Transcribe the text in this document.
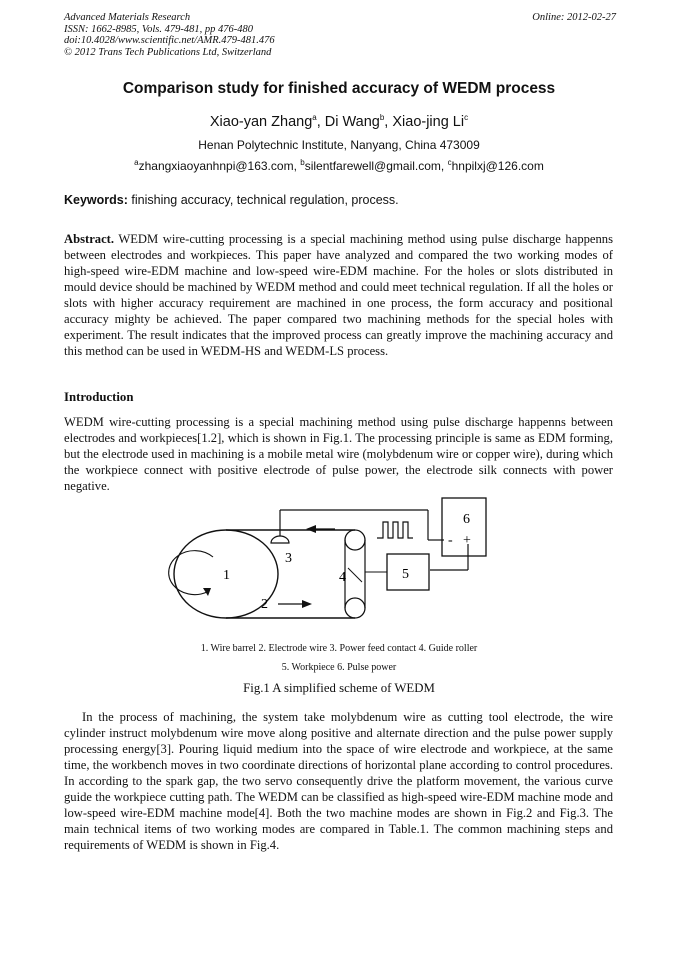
Advanced Materials Research
ISSN: 1662-8985, Vols. 479-481, pp 476-480
doi:10.4028/www.scientific.net/AMR.479-481.476
© 2012 Trans Tech Publications Ltd, Switzerland
Online: 2012-02-27
Comparison study for finished accuracy of WEDM process
Xiao-yan Zhang$^a$, Di Wang$^b$, Xiao-jing Li$^c$
Henan Polytechnic Institute, Nanyang, China 473009
$^a$zhangxiaoyanhnpi@163.com, $^b$silentfarewell@gmail.com, $^c$hnpilxj@126.com
Keywords: finishing accuracy, technical regulation, process.
Abstract. WEDM wire-cutting processing is a special machining method using pulse discharge happenns between electrodes and workpieces. This paper have analyzed and compared the two working modes of high-speed wire-EDM machine and low-speed wire-EDM machine. For the holes or slots distributed in mould device should be machined by WEDM method and could meet technical regulation. If all the holes or slots with higher accuracy requirement are machined in one process, the form accuracy and positional accuracy mighty be achieved. The paper compared two machining methods for the special holes with experiment. The result indicates that the improved process can greatly improve the machining accuracy and this method can be used in WEDM-HS and WEDM-LS process.
Introduction
WEDM wire-cutting processing is a special machining method using pulse discharge happenns between electrodes and workpieces[1.2], which is shown in Fig.1. The processing principle is same as EDM forming, but the electrode used in machining is a mobile metal wire (molybdenum wire or copper wire), during which the workpiece connect with positive electrode of pulse power, the electrode silk connects with power negative.
1
2
3
4	5
6
- +
1. Wire barrel 2. Electrode wire 3. Power feed contact 4. Guide roller
5. Workpiece 6. Pulse power
Fig.1 A simplified scheme of WEDM
In the process of machining, the system take molybdenum wire as cutting tool electrode, the wire cylinder instruct molybdenum wire move along positive and alternate direction and the pulse power supply processing energy[3]. Pouring liquid medium into the space of wire electrode and workpiece, at the same time, the workbench moves in two coordinate directions of horizontal plane according to control procedures. In according to the spark gap, the two servo consequently drive the platform movement, the various curve guide the workpiece cutting path. The WEDM can be classified as high-speed wire-EDM machine mode and low-speed wire-EDM machine mode[4]. Both the two machine modes are shown in Fig.2 and Fig.3. The main technical items of two working modes are compared in Table.1. The common machining steps and requirements of WEDM is shown in Fig.4.
